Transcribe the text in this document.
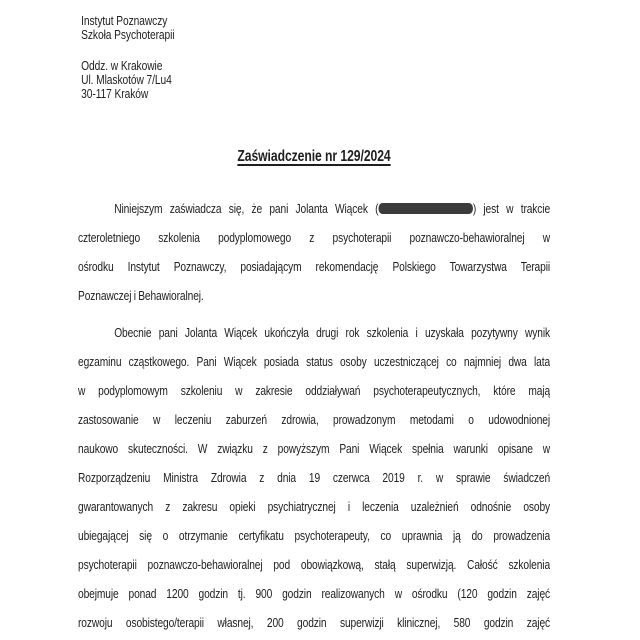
Instytut Poznawczy
Szkoła Psychoterapii
Oddz. w Krakowie
Ul. Mlaskotów 7/Lu4
30-117 Kraków
Zaświadczenie nr 129/2024
Niniejszym zaświadcza się, że pani Jolanta Wiącek (	) jest w trakcie
czteroletniego szkolenia podyplomowego z psychoterapii poznawczo-behawioralnej w
ośrodku Instytut Poznawczy, posiadającym rekomendację Polskiego Towarzystwa Terapii
Poznawczej i Behawioralnej.
Obecnie pani Jolanta Wiącek ukończyła drugi rok szkolenia i uzyskała pozytywny wynik
egzaminu cząstkowego. Pani Wiącek posiada status osoby uczestniczącej co najmniej dwa lata
w podyplomowym szkoleniu w zakresie oddziaływań psychoterapeutycznych, które mają
zastosowanie w leczeniu zaburzeń zdrowia, prowadzonym metodami o udowodnionej
naukowo skuteczności. W związku z powyższym Pani Wiącek spełnia warunki opisane w
Rozporządzeniu Ministra Zdrowia z dnia 19 czerwca 2019 r. w sprawie świadczeń
gwarantowanych z zakresu opieki psychiatrycznej i leczenia uzależnień odnośnie osoby
ubiegającej się o otrzymanie certyfikatu psychoterapeuty, co uprawnia ją do prowadzenia
psychoterapii poznawczo-behawioralnej pod obowiązkową, stałą superwizją. Całość szkolenia
obejmuje ponad 1200 godzin tj. 900 godzin realizowanych w ośrodku (120 godzin zajęć
rozwoju osobistego/terapii własnej, 200 godzin superwizji klinicznej, 580 godzin zajęć
